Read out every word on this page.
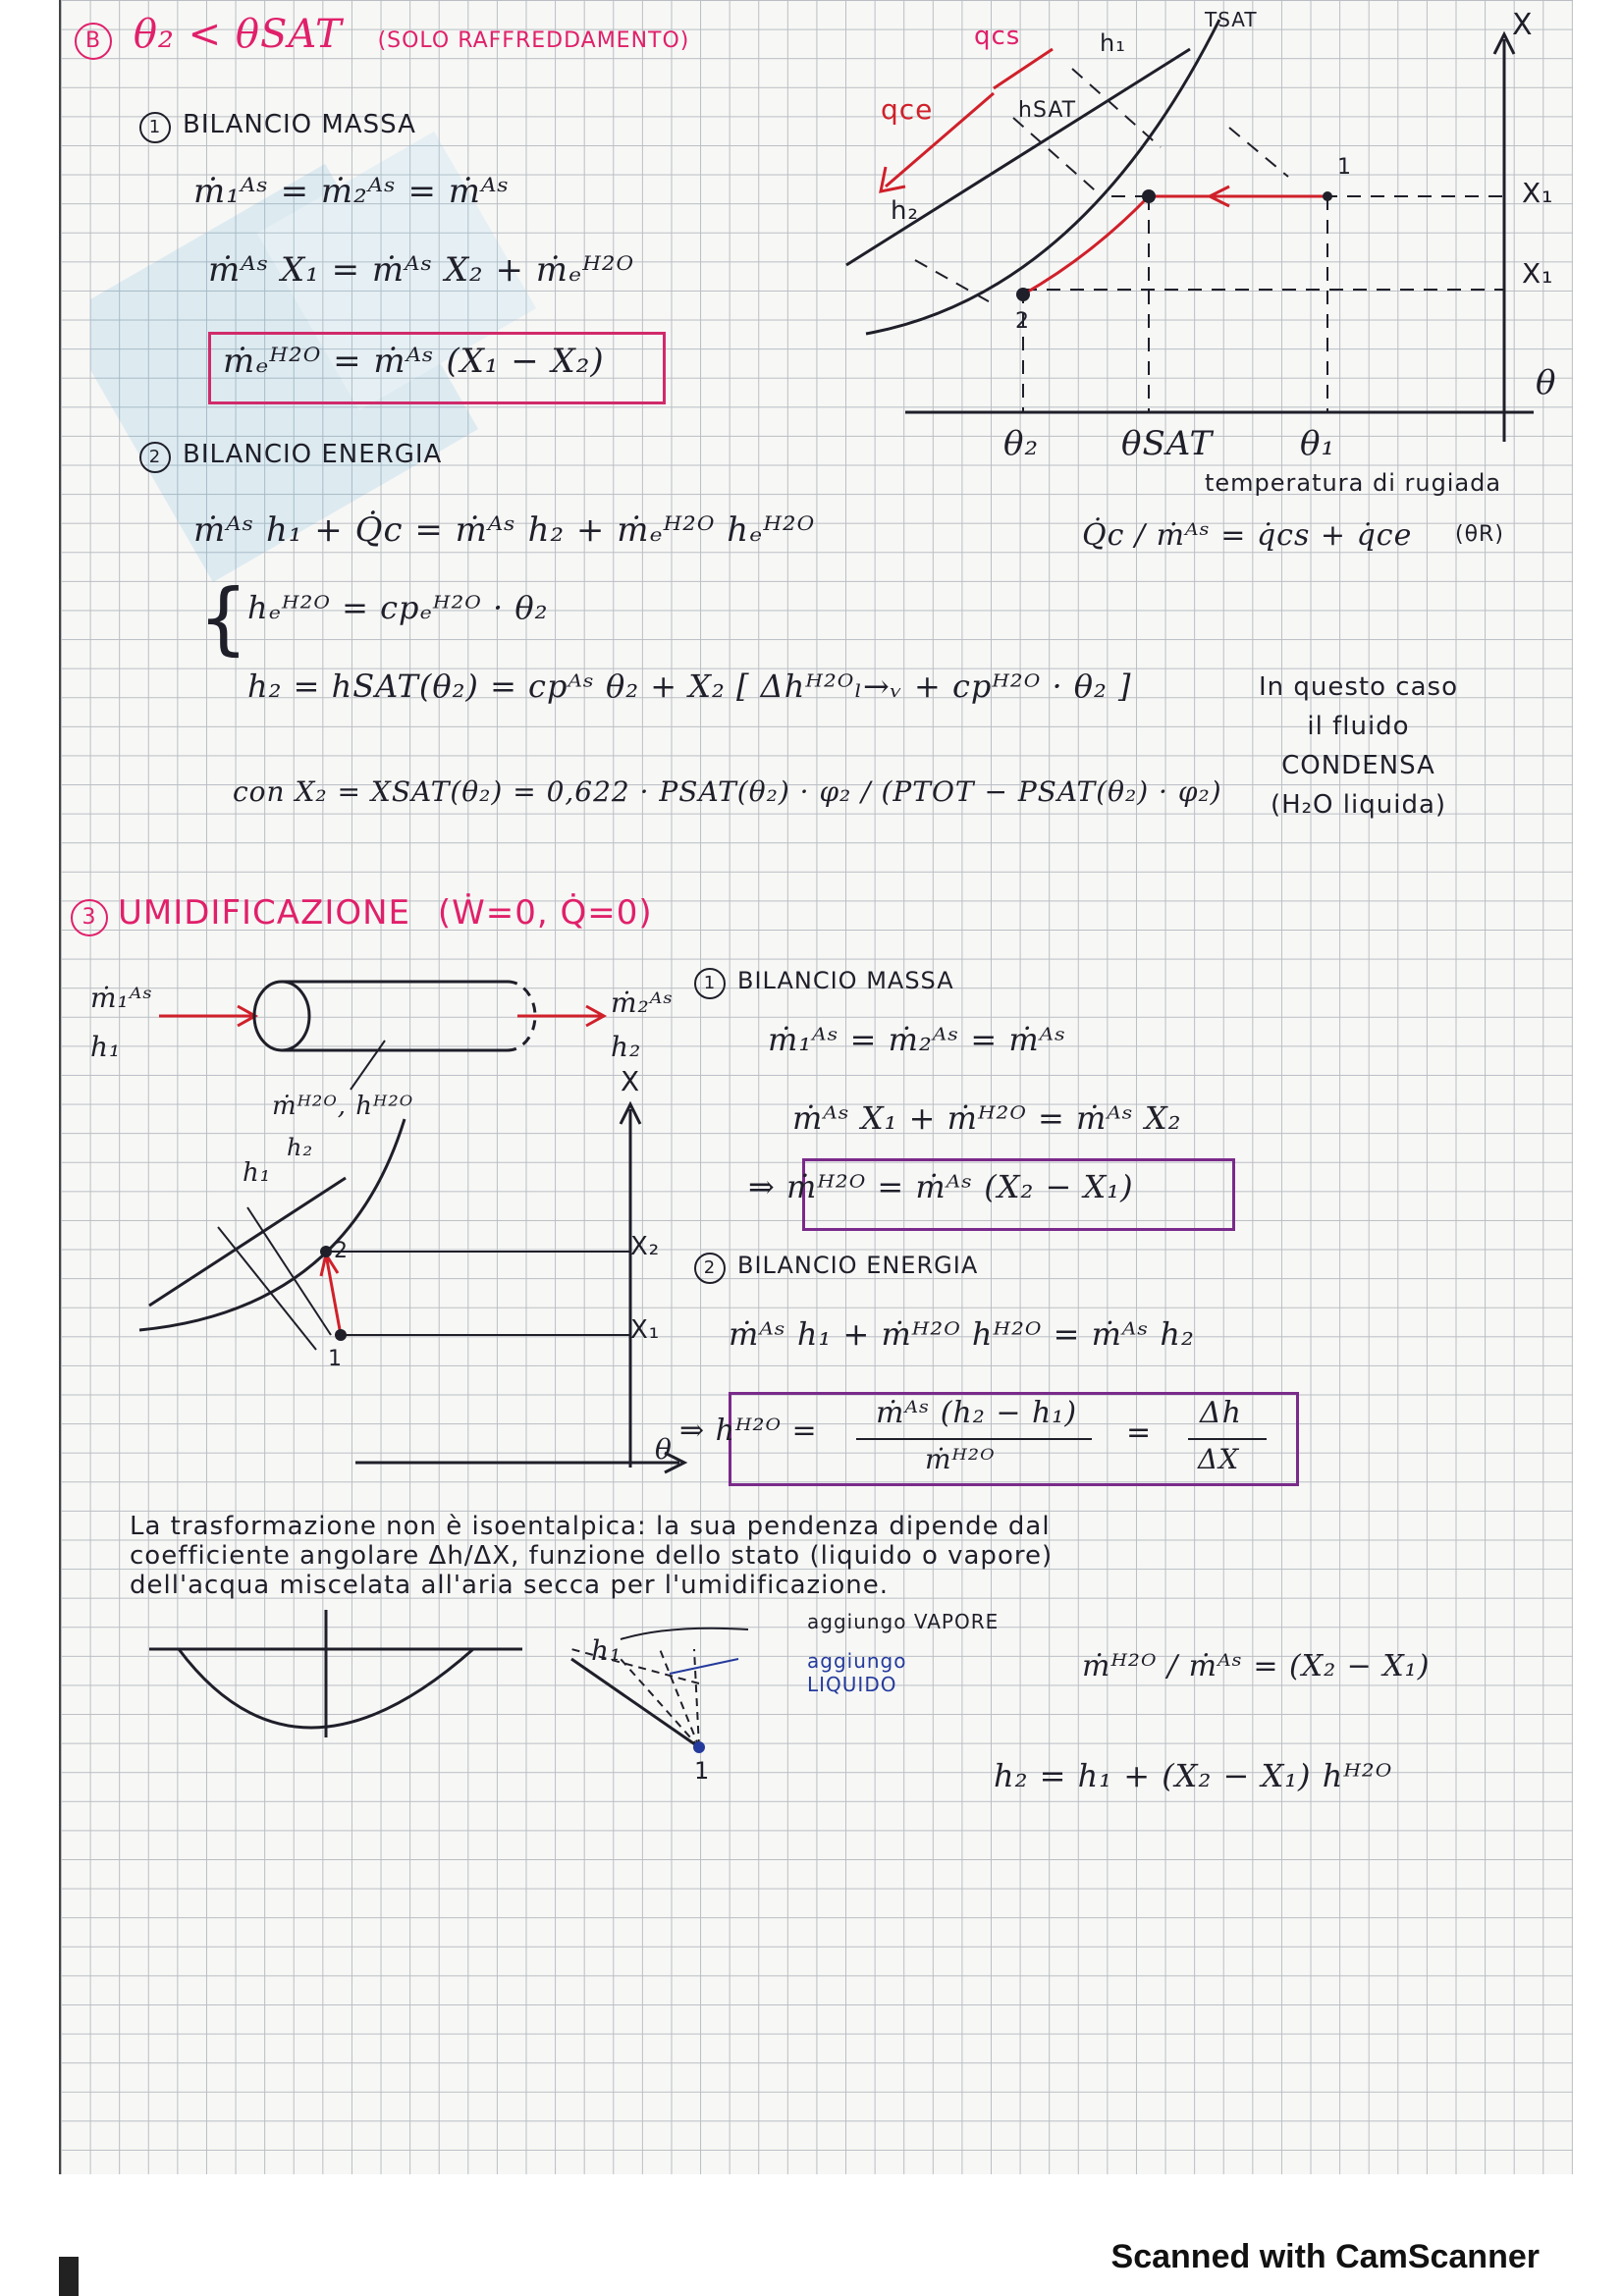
B θ₂ < θSAT (SOLO RAFFREDDAMENTO)
1 BILANCIO MASSA
ṁ₁ᴬˢ = ṁ₂ᴬˢ = ṁᴬˢ
ṁᴬˢ X₁ = ṁᴬˢ X₂ + ṁₑᴴ²ᴼ
ṁₑᴴ²ᴼ = ṁᴬˢ (X₁ − X₂)
qcs
qce
h₁
hSAT
h₂
TSAT	X
X₁
X₁
θ
1
2
θ₂ θSAT	θ₁
temperatura di rugiada
(θR)
2 BILANCIO ENERGIA
ṁᴬˢ h₁ + Q̇c = ṁᴬˢ h₂ + ṁₑᴴ²ᴼ hₑᴴ²ᴼ	Q̇c / ṁᴬˢ = q̇cs + q̇ce
{
hₑᴴ²ᴼ = cpₑᴴ²ᴼ · θ₂
h₂ = hSAT(θ₂) = cpᴬˢ θ₂ + X₂ [ Δhᴴ²ᴼₗ→ᵥ + cpᴴ²ᴼ · θ₂ ]
con X₂ = XSAT(θ₂) = 0,622 · PSAT(θ₂) · φ₂ / (PTOT − PSAT(θ₂) · φ₂)
In questo caso
il fluido
CONDENSA
(H₂O liquida)
3 UMIDIFICAZIONE (Ẇ=0, Q̇=0)
ṁ₁ᴬˢ
h₁
ṁ₂ᴬˢ
h₂
ṁᴴ²ᴼ, hᴴ²ᴼ
1 BILANCIO MASSA
ṁ₁ᴬˢ = ṁ₂ᴬˢ = ṁᴬˢ
ṁᴬˢ X₁ + ṁᴴ²ᴼ = ṁᴬˢ X₂
⇒ ṁᴴ²ᴼ = ṁᴬˢ (X₂ − X₁)
2 BILANCIO ENERGIA
ṁᴬˢ h₁ + ṁᴴ²ᴼ hᴴ²ᴼ = ṁᴬˢ h₂
⇒ hᴴ²ᴼ =
ṁᴬˢ (h₂ − h₁)
ṁᴴ²ᴼ
=
Δh
ΔX
X
X₂
X₁
θ
h₁
h₂
2
1
La trasformazione non è isoentalpica: la sua pendenza dipende dal
coefficiente angolare Δh/ΔX, funzione dello stato (liquido o vapore)
dell'acqua miscelata all'aria secca per l'umidificazione.
aggiungo VAPORE
aggiungo
LIQUIDO
h₁
1
ṁᴴ²ᴼ / ṁᴬˢ = (X₂ − X₁)
h₂ = h₁ + (X₂ − X₁) hᴴ²ᴼ
Scanned with CamScanner
